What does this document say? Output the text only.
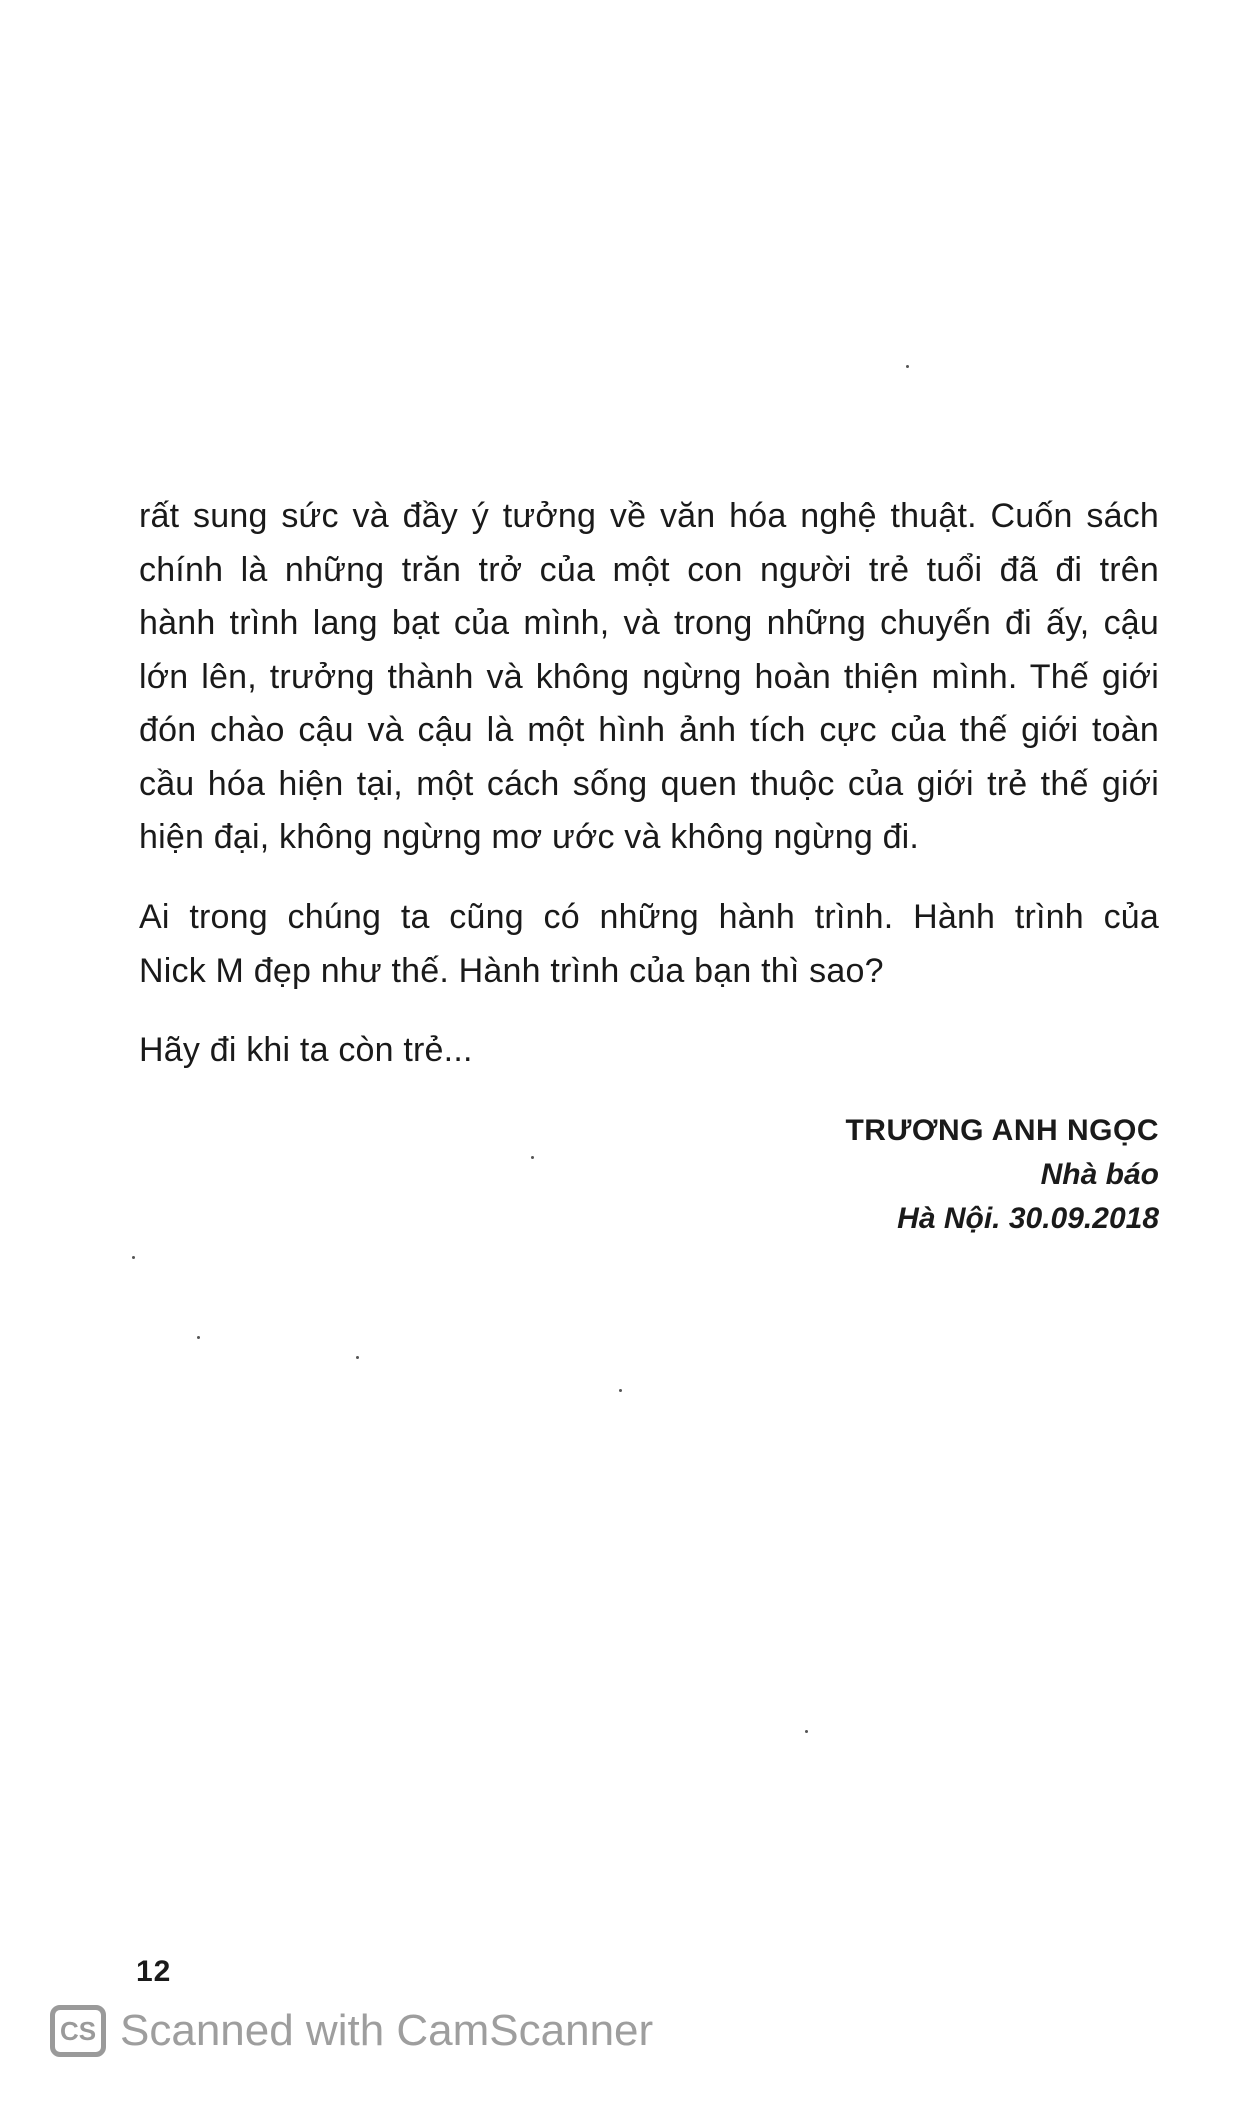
rất sung sức và đầy ý tưởng về văn hóa nghệ thuật. Cuốn sách
chính là những trăn trở của một con người trẻ tuổi đã đi trên
hành trình lang bạt của mình, và trong những chuyến đi ấy, cậu
lớn lên, trưởng thành và không ngừng hoàn thiện mình. Thế giới
đón chào cậu và cậu là một hình ảnh tích cực của thế giới toàn
cầu hóa hiện tại, một cách sống quen thuộc của giới trẻ thế giới
hiện đại, không ngừng mơ ước và không ngừng đi.
Ai trong chúng ta cũng có những hành trình. Hành trình của
Nick M đẹp như thế. Hành trình của bạn thì sao?
Hãy đi khi ta còn trẻ...
TRƯƠNG ANH NGỌC
Nhà báo
Hà Nội. 30.09.2018
12
CS Scanned with CamScanner
